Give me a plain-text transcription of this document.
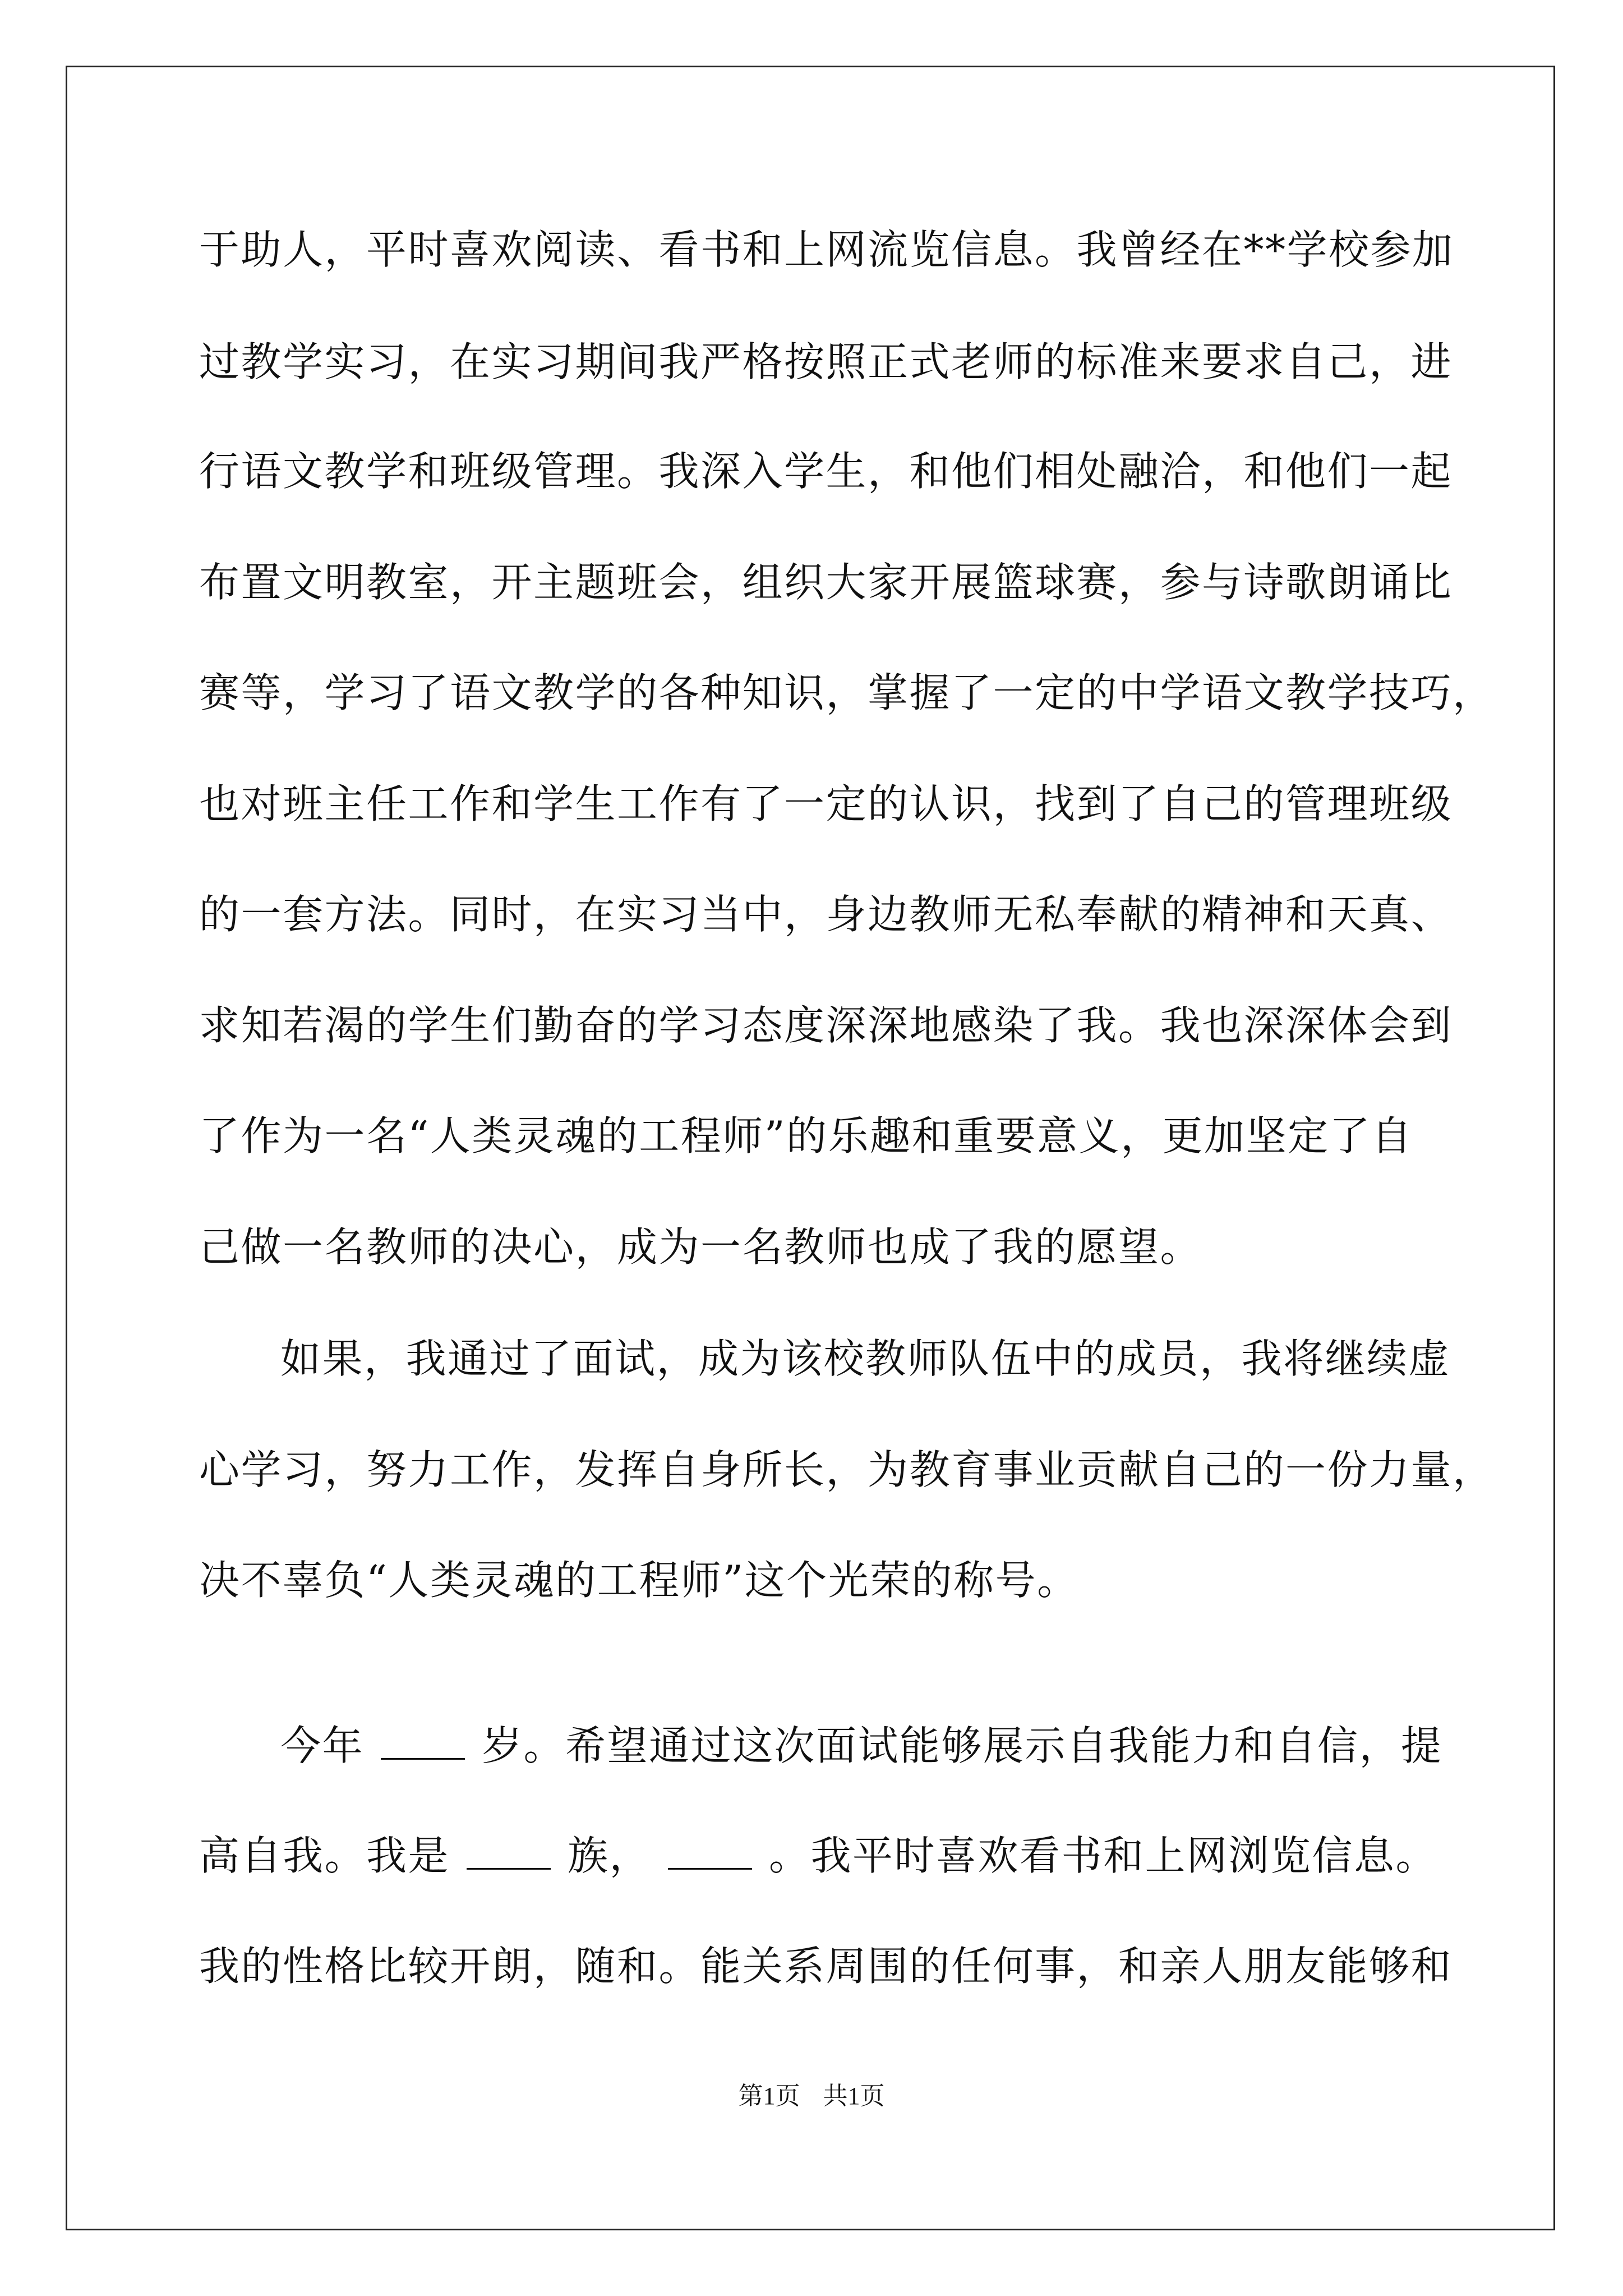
于助人，平时喜欢阅读、看书和上网流览信息。我曾经在**学校参加
过教学实习，在实习期间我严格按照正式老师的标准来要求自己，进
行语文教学和班级管理。我深入学生，和他们相处融洽，和他们一起
布置文明教室，开主题班会，组织大家开展篮球赛，参与诗歌朗诵比
赛等，学习了语文教学的各种知识，掌握了一定的中学语文教学技巧，
也对班主任工作和学生工作有了一定的认识，找到了自己的管理班级
的一套方法。同时，在实习当中，身边教师无私奉献的精神和天真、
求知若渴的学生们勤奋的学习态度深深地感染了我。我也深深体会到
了作为一名“人类灵魂的工程师”的乐趣和重要意义，更加坚定了自
己做一名教师的决心，成为一名教师也成了我的愿望。
如果，我通过了面试，成为该校教师队伍中的成员，我将继续虚
心学习，努力工作，发挥自身所长，为教育事业贡献自己的一份力量，
决不辜负“人类灵魂的工程师”这个光荣的称号。
今年	岁。希望通过这次面试能够展示自我能力和自信，提
高自我。我是	族，	。我平时喜欢看书和上网浏览信息。
我的性格比较开朗，随和。能关系周围的任何事，和亲人朋友能够和
第1页 共1页
